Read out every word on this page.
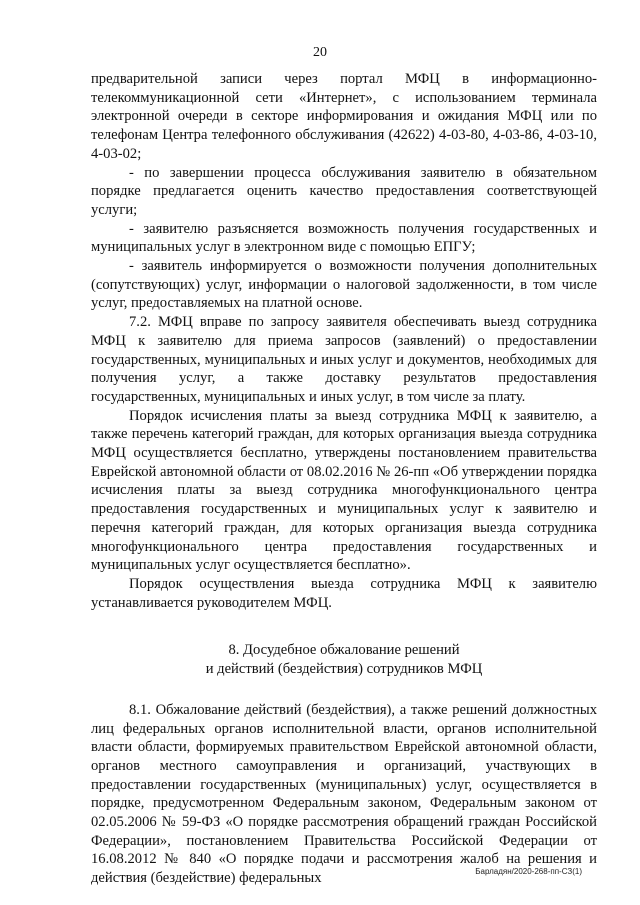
20

предварительной записи через портал МФЦ в информационно-телекоммуникационной сети «Интернет», с использованием терминала электронной очереди в секторе информирования и ожидания МФЦ или по телефонам Центра телефонного обслуживания (42622) 4-03-80, 4-03-86, 4-03-10, 4-03-02;

- по завершении процесса обслуживания заявителю в обязательном порядке предлагается оценить качество предоставления соответствующей услуги;

- заявителю разъясняется возможность получения государственных и муниципальных услуг в электронном виде с помощью ЕПГУ;

- заявитель информируется о возможности получения дополнительных (сопутствующих) услуг, информации о налоговой задолженности, в том числе услуг, предоставляемых на платной основе.

7.2. МФЦ вправе по запросу заявителя обеспечивать выезд сотрудника МФЦ к заявителю для приема запросов (заявлений) о предоставлении государственных, муниципальных и иных услуг и документов, необходимых для получения услуг, а также доставку результатов предоставления государственных, муниципальных и иных услуг, в том числе за плату.

Порядок исчисления платы за выезд сотрудника МФЦ к заявителю, а также перечень категорий граждан, для которых организация выезда сотрудника МФЦ осуществляется бесплатно, утверждены постановлением правительства Еврейской автономной области от 08.02.2016 № 26-пп «Об утверждении порядка исчисления платы за выезд сотрудника многофункционального центра предоставления государственных и муниципальных услуг к заявителю и перечня категорий граждан, для которых организация выезда сотрудника многофункционального центра предоставления государственных и муниципальных услуг осуществляется бесплатно».

Порядок осуществления выезда сотрудника МФЦ к заявителю устанавливается руководителем МФЦ.

8. Досудебное обжалование решений
и действий (бездействия) сотрудников МФЦ

8.1. Обжалование действий (бездействия), а также решений должностных лиц федеральных органов исполнительной власти, органов исполнительной власти области, формируемых правительством Еврейской автономной области, органов местного самоуправления и организаций, участвующих в предоставлении государственных (муниципальных) услуг, осуществляется в порядке, предусмотренном Федеральным законом, Федеральным законом от 02.05.2006 № 59-ФЗ «О порядке рассмотрения обращений граждан Российской Федерации», постановлением Правительства Российской Федерации от 16.08.2012 № 840 «О порядке подачи и рассмотрения жалоб на решения и действия (бездействие) федеральных	Барладян/2020-268-пп-СЗ(1)
